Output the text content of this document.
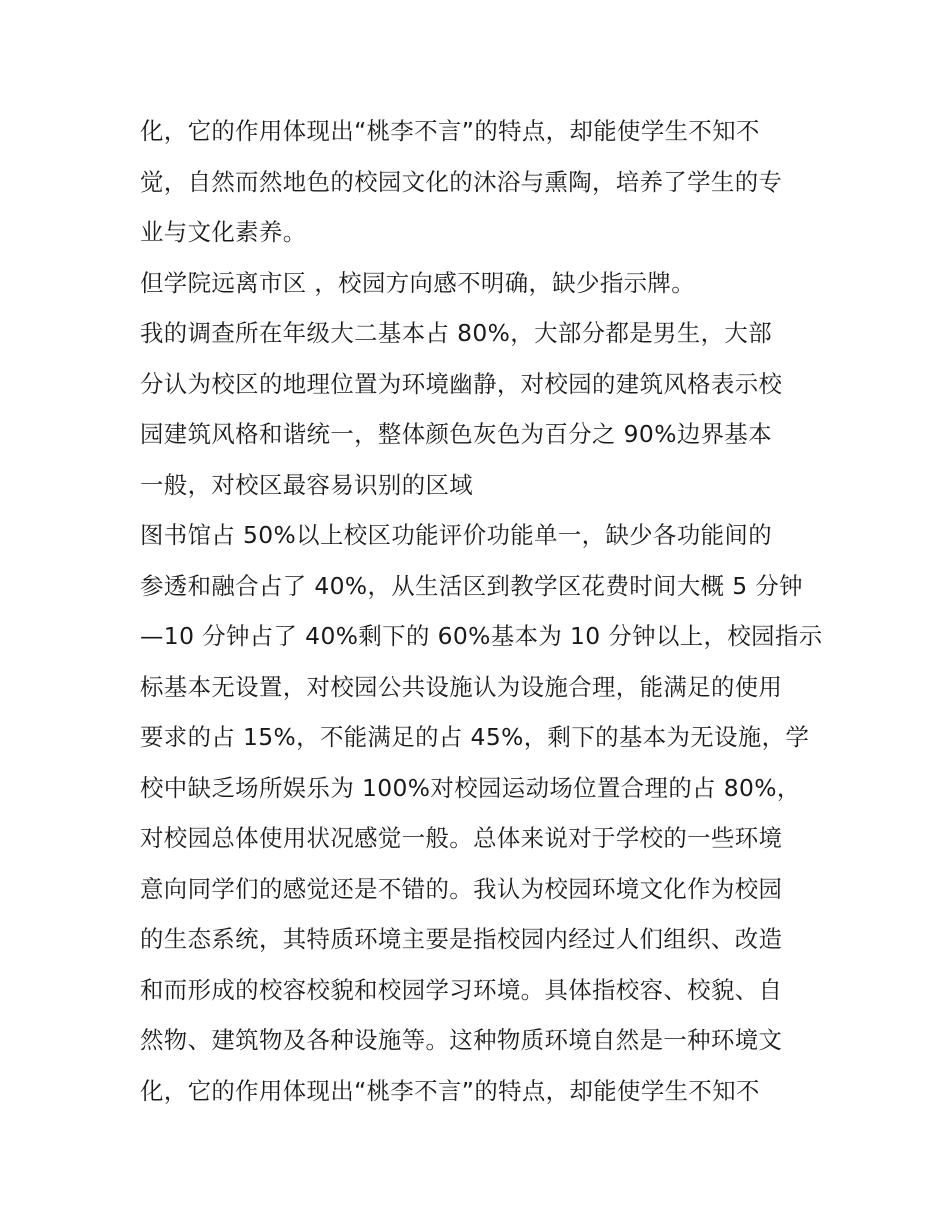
化，它的作用体现出“桃李不言”的特点，却能使学生不知不
觉，自然而然地色的校园文化的沐浴与熏陶，培养了学生的专
业与文化素养。
但学院远离市区 ，校园方向感不明确，缺少指示牌。
我的调查所在年级大二基本占 80%，大部分都是男生，大部
分认为校区的地理位置为环境幽静，对校园的建筑风格表示校
园建筑风格和谐统一，整体颜色灰色为百分之 90%边界基本
一般，对校区最容易识别的区域
图书馆占 50%以上校区功能评价功能单一，缺少各功能间的
参透和融合占了 40%，从生活区到教学区花费时间大概 5 分钟
—10 分钟占了 40%剩下的 60%基本为 10 分钟以上，校园指示
标基本无设置，对校园公共设施认为设施合理，能满足的使用
要求的占 15%，不能满足的占 45%，剩下的基本为无设施，学
校中缺乏场所娱乐为 100%对校园运动场位置合理的占 80%，
对校园总体使用状况感觉一般。总体来说对于学校的一些环境
意向同学们的感觉还是不错的。我认为校园环境文化作为校园
的生态系统，其特质环境主要是指校园内经过人们组织、改造
和而形成的校容校貌和校园学习环境。具体指校容、校貌、自
然物、建筑物及各种设施等。这种物质环境自然是一种环境文
化，它的作用体现出“桃李不言”的特点，却能使学生不知不
